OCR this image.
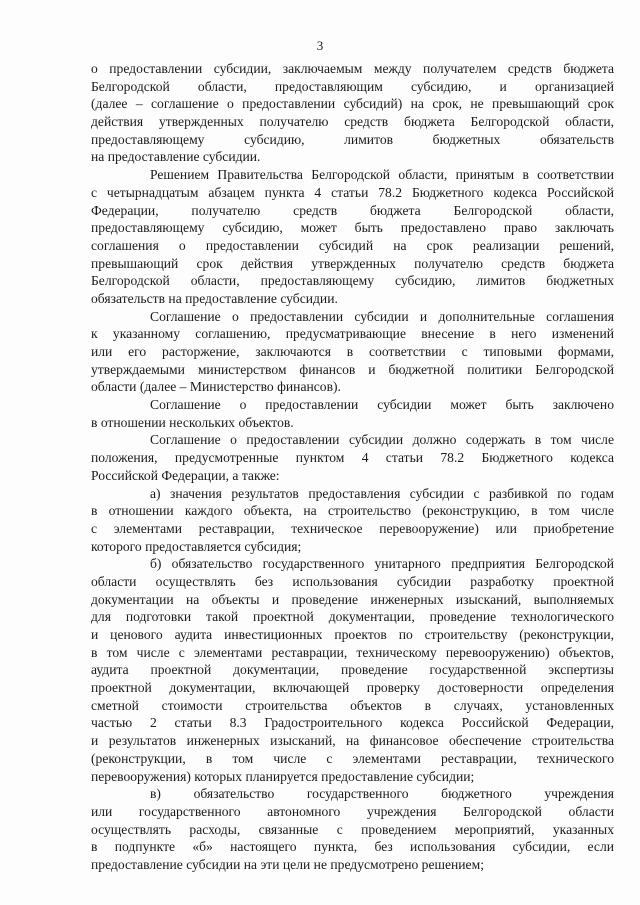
3
о предоставлении субсидии, заключаемым между получателем средств бюджета
Белгородской области, предоставляющим субсидию, и организацией
(далее – соглашение о предоставлении субсидий) на срок, не превышающий срок
действия утвержденных получателю средств бюджета Белгородской области,
предоставляющему субсидию, лимитов бюджетных обязательств
на предоставление субсидии.
Решением Правительства Белгородской области, принятым в соответствии
с четырнадцатым абзацем пункта 4 статьи 78.2 Бюджетного кодекса Российской
Федерации, получателю средств бюджета Белгородской области,
предоставляющему субсидию, может быть предоставлено право заключать
соглашения о предоставлении субсидий на срок реализации решений,
превышающий срок действия утвержденных получателю средств бюджета
Белгородской области, предоставляющему субсидию, лимитов бюджетных
обязательств на предоставление субсидии.
Соглашение о предоставлении субсидии и дополнительные соглашения
к указанному соглашению, предусматривающие внесение в него изменений
или его расторжение, заключаются в соответствии с типовыми формами,
утверждаемыми министерством финансов и бюджетной политики Белгородской
области (далее – Министерство финансов).
Соглашение о предоставлении субсидии может быть заключено
в отношении нескольких объектов.
Соглашение о предоставлении субсидии должно содержать в том числе
положения, предусмотренные пунктом 4 статьи 78.2 Бюджетного кодекса
Российской Федерации, а также:
а) значения результатов предоставления субсидии с разбивкой по годам
в отношении каждого объекта, на строительство (реконструкцию, в том числе
с элементами реставрации, техническое перевооружение) или приобретение
которого предоставляется субсидия;
б) обязательство государственного унитарного предприятия Белгородской
области осуществлять без использования субсидии разработку проектной
документации на объекты и проведение инженерных изысканий, выполняемых
для подготовки такой проектной документации, проведение технологического
и ценового аудита инвестиционных проектов по строительству (реконструкции,
в том числе с элементами реставрации, техническому перевооружению) объектов,
аудита проектной документации, проведение государственной экспертизы
проектной документации, включающей проверку достоверности определения
сметной стоимости строительства объектов в случаях, установленных
частью 2 статьи 8.3 Градостроительного кодекса Российской Федерации,
и результатов инженерных изысканий, на финансовое обеспечение строительства
(реконструкции, в том числе с элементами реставрации, технического
перевооружения) которых планируется предоставление субсидии;
в) обязательство государственного бюджетного учреждения
или государственного автономного учреждения Белгородской области
осуществлять расходы, связанные с проведением мероприятий, указанных
в подпункте «б» настоящего пункта, без использования субсидии, если
предоставление субсидии на эти цели не предусмотрено решением;
